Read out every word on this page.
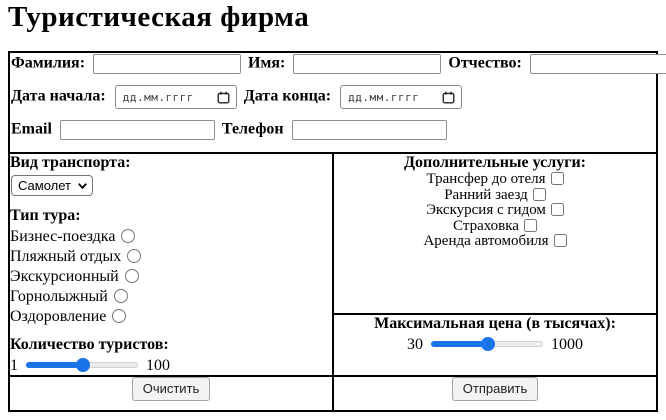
Туристическая фирма
Фамилия:	Имя:	Отчество:
Дата начала: дд.мм.гггг	Дата конца: дд.мм.гггг
Email	Телефон

Вид транспорта:
Самолет
Тип тура:
Бизнес-поездка
Пляжный отдых
Экскурсионный
Горнолыжный
Оздоровление
Количество туристов:
1	100

Дополнительные услуги:
Трансфер до отеля
Ранний заезд
Экскурсия с гидом
Страховка
Аренда автомобиля

	Максимальная цена (в тысячах):
30 1000

Очистить	Отправить
